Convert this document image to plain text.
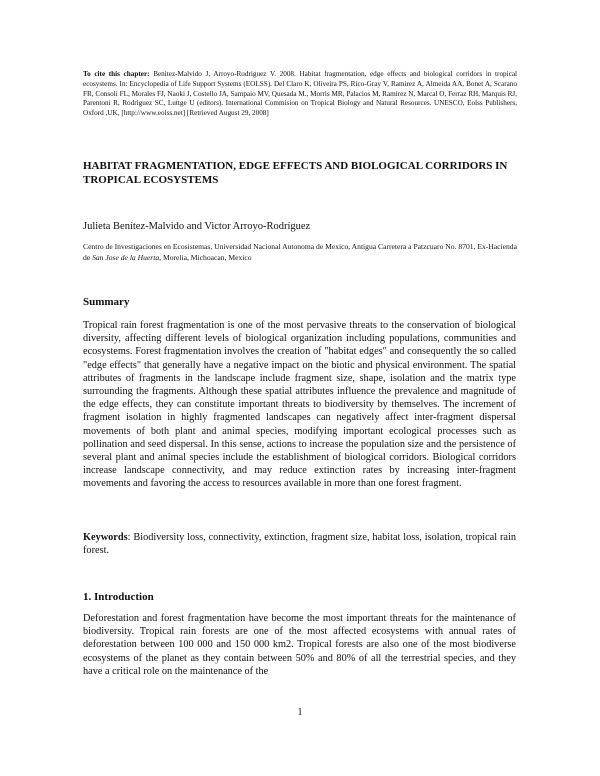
To cite this chapter: Benitez-Malvido J, Arroyo-Rodriguez V. 2008. Habitat fragmentation, edge effects and biological corridors in tropical ecosystems. In: Encyclopedia of Life Support Systems (EOLSS). Del Claro K, Oliveira PS, Rico-Gray V, Ramirez A, Almeida AA, Bonet A, Scarano FR, Consoli FL, Morales FJ, Naoki J, Costello JA, Sampaio MV, Quesada M., Morris MR, Palacios M, Ramirez N, Marcal O, Ferraz RH, Marquis RJ, Parentoni R, Rodriguez SC, Luttge U (editors). International Commision on Tropical Biology and Natural Resources. UNESCO, Eolss Publishers, Oxford ,UK, [http://www.eolss.net] [Retrieved August 29, 2008]
HABITAT FRAGMENTATION, EDGE EFFECTS AND BIOLOGICAL CORRIDORS IN TROPICAL ECOSYSTEMS
Julieta Benítez-Malvido and Victor Arroyo-Rodríguez
Centro de Investigaciones en Ecosistemas, Universidad Nacional Autonoma de Mexico, Antigua Carretera a Patzcuaro No. 8701, Ex-Hacienda de San Jose de la Huerta, Morelia, Michoacan, Mexico
Summary
Tropical rain forest fragmentation is one of the most pervasive threats to the conservation of biological diversity, affecting different levels of biological organization including populations, communities and ecosystems. Forest fragmentation involves the creation of "habitat edges" and consequently the so called "edge effects" that generally have a negative impact on the biotic and physical environment. The spatial attributes of fragments in the landscape include fragment size, shape, isolation and the matrix type surrounding the fragments. Although these spatial attributes influence the prevalence and magnitude of the edge effects, they can constitute important threats to biodiversity by themselves. The increment of fragment isolation in highly fragmented landscapes can negatively affect inter-fragment dispersal movements of both plant and animal species, modifying important ecological processes such as pollination and seed dispersal. In this sense, actions to increase the population size and the persistence of several plant and animal species include the establishment of biological corridors. Biological corridors increase landscape connectivity, and may reduce extinction rates by increasing inter-fragment movements and favoring the access to resources available in more than one forest fragment.
Keywords: Biodiversity loss, connectivity, extinction, fragment size, habitat loss, isolation, tropical rain forest.
1. Introduction
Deforestation and forest fragmentation have become the most important threats for the maintenance of biodiversity. Tropical rain forests are one of the most affected ecosystems with annual rates of deforestation between 100 000 and 150 000 km2. Tropical forests are also one of the most biodiverse ecosystems of the planet as they contain between 50% and 80% of all the terrestrial species, and they have a critical role on the maintenance of the
1
